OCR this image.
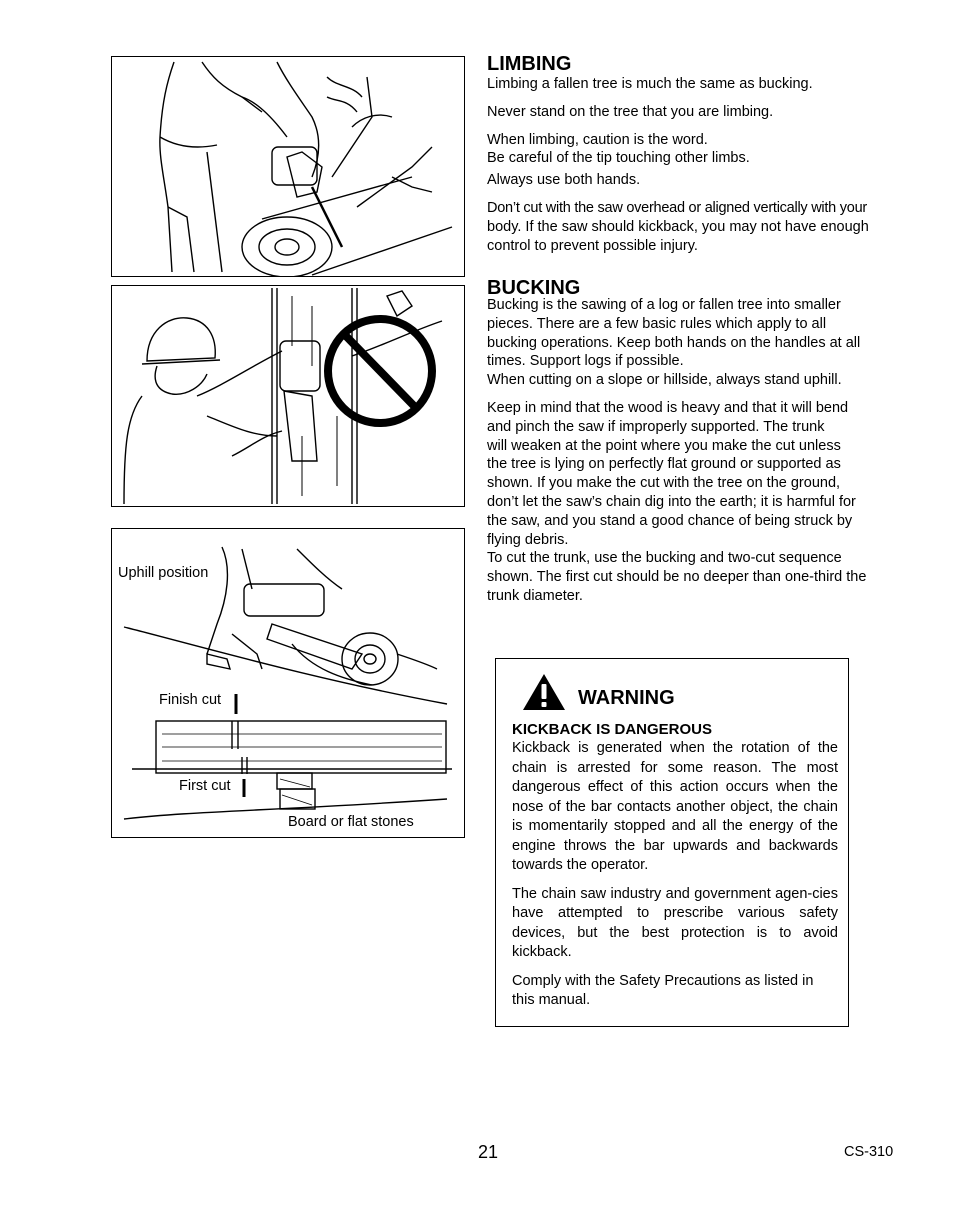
Uphill position
Finish cut
First cut
Board or flat stones
LIMBING

Limbing a fallen tree is much the same as bucking.

Never stand on the tree that you are limbing.

When limbing, caution is the word.

Be careful of the tip touching other limbs.

Always use both hands.

Don’t cut with the saw overhead or aligned vertically with your

body. If the saw should kickback, you may not have enough

control to prevent possible injury.

BUCKING

Bucking is the sawing of a log or fallen tree into smaller

pieces. There are a few basic rules which apply to all

bucking operations. Keep both hands on the handles at all

times. Support logs if possible.

When cutting on a slope or hillside, always stand uphill.

Keep in mind that the wood is heavy and that it will bend

and pinch the saw if improperly supported. The trunk

will weaken at the point where you make the cut unless

the tree is lying on perfectly flat ground or supported as

shown. If you make the cut with the tree on the ground,

don’t let the saw’s chain dig into the earth; it is harmful for

the saw, and you stand a good chance of being struck by

flying debris.

To cut the trunk, use the bucking and two-cut sequence

shown. The first cut should be no deeper than one-third the

trunk diameter.

WARNING

KICKBACK IS DANGEROUS

Kickback is generated when the rotation of the chain is arrested for some reason. The most dangerous effect of this action occurs when the nose of the bar contacts another object, the chain is momentarily stopped and all the energy of the engine throws the bar upwards and backwards towards the operator.

The chain saw industry and government agen-cies have attempted to prescribe various safety devices, but the best protection is to avoid kickback.

Comply with the Safety Precautions as listed in this manual.

21	CS-310
